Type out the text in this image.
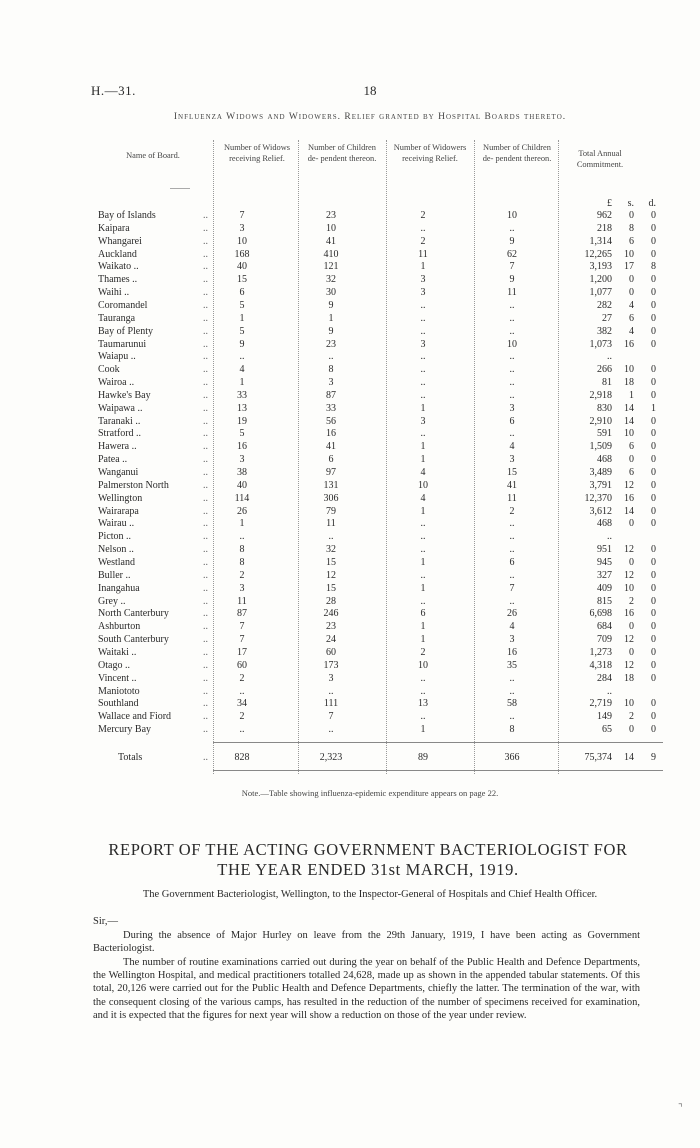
H.—31.	18
Influenza Widows and Widowers. Relief granted by Hospital Boards thereto.
Name of Board.
Number of Widows receiving Relief.
Number of Children de- pendent thereon.
Number of Widowers receiving Relief.
Number of Children de- pendent thereon.
Total Annual Commitment.
£ s. d.
Bay of Islands	..	7	23	2	10	962 0 0
Kaipara	..	3	10	..	..	218 8 0
Whangarei	..	10	41	2	9	1,314 6 0
Auckland	..	168	410	11	62	12,265 10 0
Waikato ..	..	40	121	1	7	3,193 17 8
Thames ..	..	15	32	3	9	1,200 0 0
Waihi ..	..	6	30	3	11	1,077 0 0
Coromandel	..	5	9	..	..	282 4 0
Tauranga	..	1	1	..	..	27 6 0
Bay of Plenty	..	5	9	..	..	382 4 0
Taumarunui	..	9	23	3	10	1,073 16 0
Waiapu ..	..	..	..	..	..	..
Cook	..	4	8	..	..	266 10 0
Wairoa ..	..	1	3	..	..	81 18 0
Hawke's Bay	..	33	87	..	..	2,918 1 0
Waipawa ..	..	13	33	1	3	830 14 1
Taranaki ..	..	19	56	3	6	2,910 14 0
Stratford ..	..	5	16	..	..	591 10 0
Hawera ..	..	16	41	1	4	1,509 6 0
Patea ..	..	3	6	1	3	468 0 0
Wanganui	..	38	97	4	15	3,489 6 0
Palmerston North	..	40	131	10	41	3,791 12 0
Wellington	..	114	306	4	11	12,370 16 0
Wairarapa	..	26	79	1	2	3,612 14 0
Wairau ..	..	1	11	..	..	468 0 0
Picton ..	..	..	..	..	..	..
Nelson ..	..	8	32	..	..	951 12 0
Westland	..	8	15	1	6	945 0 0
Buller ..	..	2	12	..	..	327 12 0
Inangahua	..	3	15	1	7	409 10 0
Grey ..	..	11	28	..	..	815 2 0
North Canterbury	..	87	246	6	26	6,698 16 0
Ashburton	..	7	23	1	4	684 0 0
South Canterbury	..	7	24	1	3	709 12 0
Waitaki ..	..	17	60	2	16	1,273 0 0
Otago ..	..	60	173	10	35	4,318 12 0
Vincent ..	..	2	3	..	..	284 18 0
Maniototo	..	..	..	..	..	..
Southland	..	34	111	13	58	2,719 10 0
Wallace and Fiord	..	2	7	..	..	149 2 0
Mercury Bay	..	..	..	1	8	65 0 0
Totals	..	828	2,323	89	366	75,374 14 9
Note.—Table showing influenza-epidemic expenditure appears on page 22.
REPORT OF THE ACTING GOVERNMENT BACTERIOLOGIST FOR THE YEAR ENDED 31st MARCH, 1919.
The Government Bacteriologist, Wellington, to the Inspector-General of Hospitals and Chief Health Officer.
Sir,—
During the absence of Major Hurley on leave from the 29th January, 1919, I have been acting as Government Bacteriologist.
The number of routine examinations carried out during the year on behalf of the Public Health and Defence Departments, the Wellington Hospital, and medical practitioners totalled 24,628, made up as shown in the appended tabular statements. Of this total, 20,126 were carried out for the Public Health and Defence Departments, chiefly the latter. The termination of the war, with the consequent closing of the various camps, has resulted in the reduction of the number of specimens received for examination, and it is expected that the figures for next year will show a reduction on those of the year under review.
⌝
